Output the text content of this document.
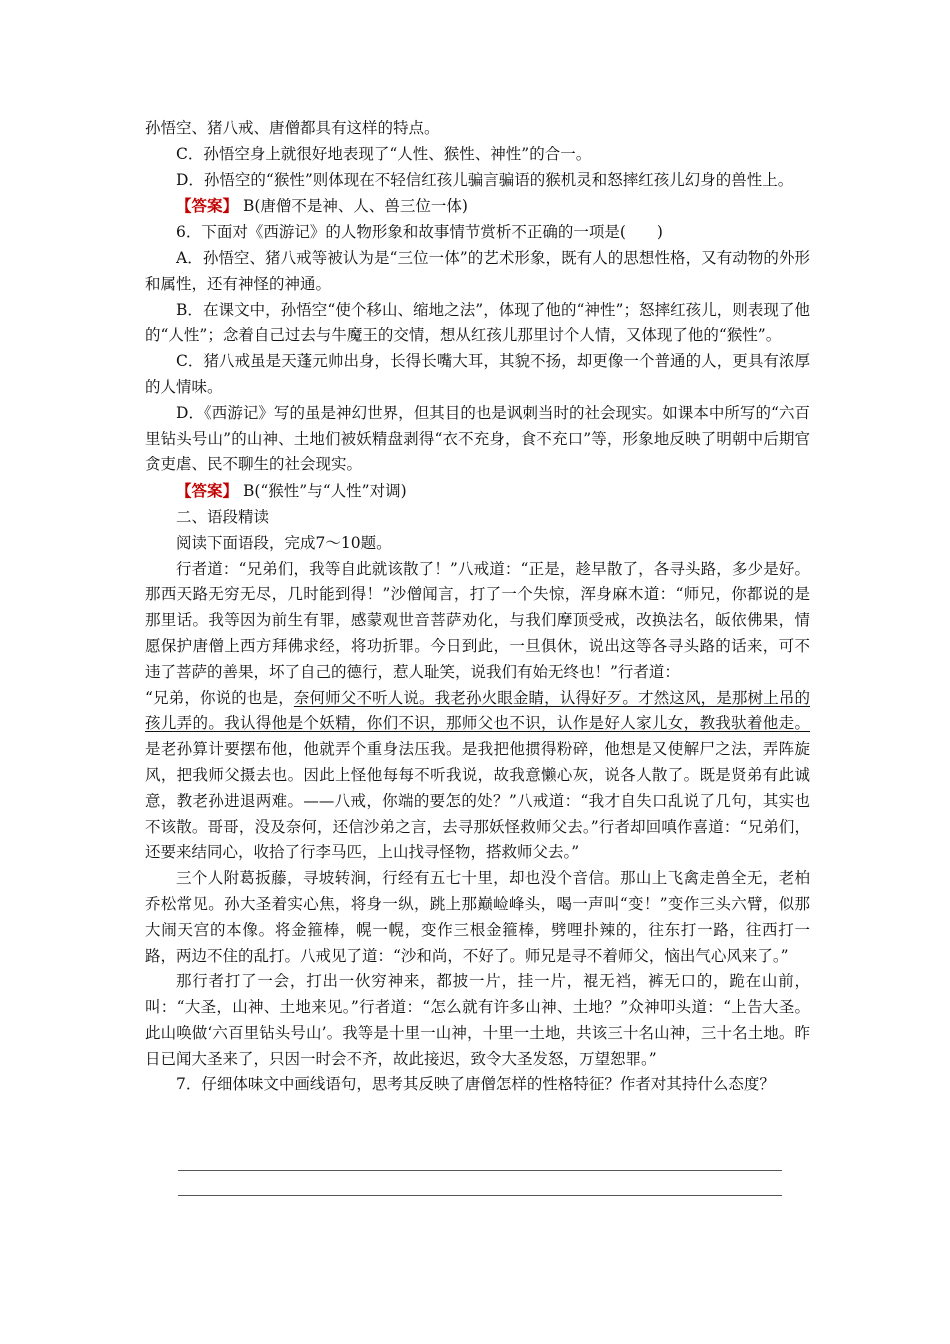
孙悟空、猪八戒、唐僧都具有这样的特点。

C．孙悟空身上就很好地表现了“人性、猴性、神性”的合一。

D．孙悟空的“猴性”则体现在不轻信红孩儿骗言骗语的猴机灵和怒摔红孩儿幻身的兽性上。

【答案】 B(唐僧不是神、人、兽三位一体)

6．下面对《西游记》的人物形象和故事情节赏析不正确的一项是(　　)

A．孙悟空、猪八戒等被认为是“三位一体”的艺术形象，既有人的思想性格，又有动物的外形和属性，还有神怪的神通。

B．在课文中，孙悟空“使个移山、缩地之法”，体现了他的“神性”；怒摔红孩儿，则表现了他的“人性”；念着自己过去与牛魔王的交情，想从红孩儿那里讨个人情，又体现了他的“猴性”。

C．猪八戒虽是天蓬元帅出身，长得长嘴大耳，其貌不扬，却更像一个普通的人，更具有浓厚的人情味。

D．《西游记》写的虽是神幻世界，但其目的也是讽刺当时的社会现实。如课本中所写的“六百里钻头号山”的山神、土地们被妖精盘剥得“衣不充身，食不充口”等，形象地反映了明朝中后期官贪吏虐、民不聊生的社会现实。

【答案】 B(“猴性”与“人性”对调)

二、语段精读

阅读下面语段，完成7～10题。

行者道：“兄弟们，我等自此就该散了！”八戒道：“正是，趁早散了，各寻头路，多少是好。那西天路无穷无尽，几时能到得！”沙僧闻言，打了一个失惊，浑身麻木道：“师兄，你都说的是那里话。我等因为前生有罪，感蒙观世音菩萨劝化，与我们摩顶受戒，改换法名，皈依佛果，情愿保护唐僧上西方拜佛求经，将功折罪。今日到此，一旦俱休，说出这等各寻头路的话来，可不违了菩萨的善果，坏了自己的德行，惹人耻笑，说我们有始无终也！”行者道：

“兄弟，你说的也是，奈何师父不听人说。我老孙火眼金睛，认得好歹。才然这风，是那树上吊的孩儿弄的。我认得他是个妖精，你们不识，那师父也不识，认作是好人家儿女，教我驮着他走。是老孙算计要摆布他，他就弄个重身法压我。是我把他掼得粉碎，他想是又使解尸之法，弄阵旋风，把我师父摄去也。因此上怪他每每不听我说，故我意懒心灰，说各人散了。既是贤弟有此诚意，教老孙进退两难。——八戒，你端的要怎的处？”八戒道：“我才自失口乱说了几句，其实也不该散。哥哥，没及奈何，还信沙弟之言，去寻那妖怪救师父去。”行者却回嗔作喜道：“兄弟们，还要来结同心，收拾了行李马匹，上山找寻怪物，搭救师父去。”

三个人附葛扳藤，寻坡转涧，行经有五七十里，却也没个音信。那山上飞禽走兽全无，老柏乔松常见。孙大圣着实心焦，将身一纵，跳上那巅崄峰头，喝一声叫“变！”变作三头六臂，似那大闹天宫的本像。将金箍棒，幌一幌，变作三根金箍棒，劈哩扑辣的，往东打一路，往西打一路，两边不住的乱打。八戒见了道：“沙和尚，不好了。师兄是寻不着师父，恼出气心风来了。”

那行者打了一会，打出一伙穷神来，都披一片，挂一片，裩无裆，裤无口的，跪在山前，叫：“大圣，山神、土地来见。”行者道：“怎么就有许多山神、土地？”众神叩头道：“上告大圣。此山唤做‘六百里钻头号山’。我等是十里一山神，十里一土地，共该三十名山神，三十名土地。昨日已闻大圣来了，只因一时会不齐，故此接迟，致令大圣发怒，万望恕罪。”

7．仔细体味文中画线语句，思考其反映了唐僧怎样的性格特征？作者对其持什么态度？
